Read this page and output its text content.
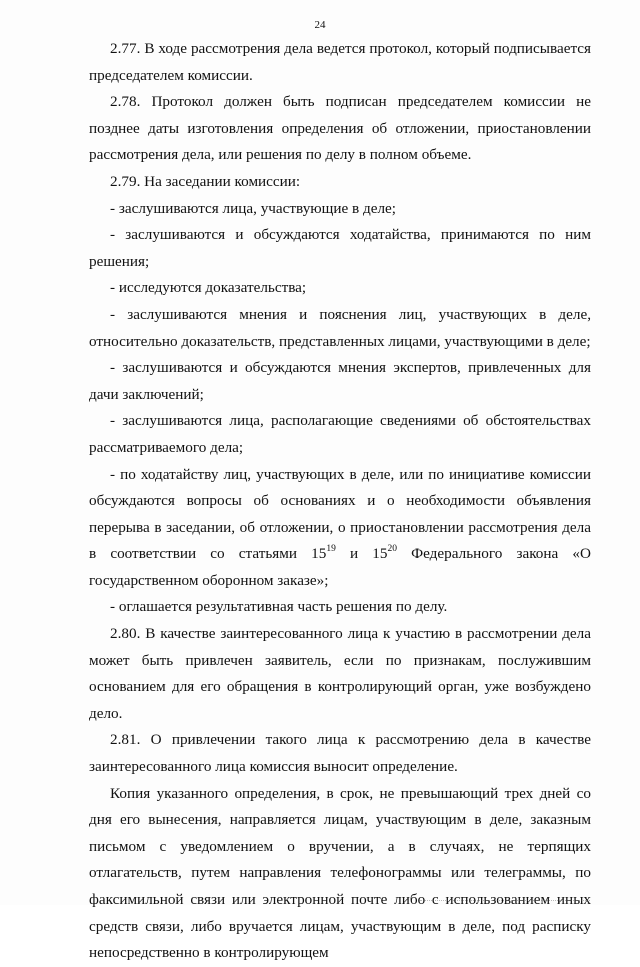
24

2.77. В ходе рассмотрения дела ведется протокол, который подписывается председателем комиссии.

2.78. Протокол должен быть подписан председателем комиссии не позднее даты изготовления определения об отложении, приостановлении рассмотрения дела, или решения по делу в полном объеме.

2.79. На заседании комиссии:

- заслушиваются лица, участвующие в деле;

- заслушиваются и обсуждаются ходатайства, принимаются по ним решения;

- исследуются доказательства;

- заслушиваются мнения и пояснения лиц, участвующих в деле, относительно доказательств, представленных лицами, участвующими в деле;

- заслушиваются и обсуждаются мнения экспертов, привлеченных для дачи заключений;

- заслушиваются лица, располагающие сведениями об обстоятельствах рассматриваемого дела;

- по ходатайству лиц, участвующих в деле, или по инициативе комиссии обсуждаются вопросы об основаниях и о необходимости объявления перерыва в заседании, об отложении, о приостановлении рассмотрения дела в соответствии со статьями $15^{19}$ и $15^{20}$ Федерального закона «О государственном оборонном заказе»;

- оглашается результативная часть решения по делу.

2.80. В качестве заинтересованного лица к участию в рассмотрении дела может быть привлечен заявитель, если по признакам, послужившим основанием для его обращения в контролирующий орган, уже возбуждено дело.

2.81. О привлечении такого лица к рассмотрению дела в качестве заинтересованного лица комиссия выносит определение.

Копия указанного определения, в срок, не превышающий трех дней со дня его вынесения, направляется лицам, участвующим в деле, заказным письмом с уведомлением о вручении, а в случаях, не терпящих отлагательств, путем направления телефонограммы или телеграммы, по факсимильной связи или электронной почте либо с использованием иных средств связи, либо вручается лицам, участвующим в деле, под расписку непосредственно в контролирующем
